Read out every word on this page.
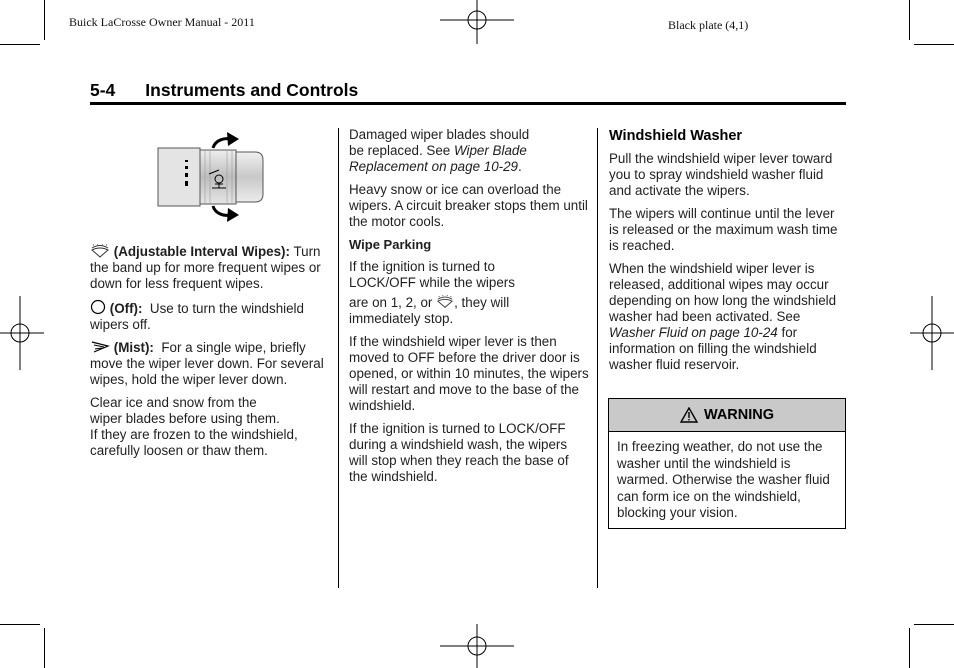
Buick LaCrosse Owner Manual - 2011	Black plate (4,1)
5-4 Instruments and Controls

(Adjustable Interval Wipes): Turn the band up for more frequent wipes or down for less frequent wipes.

(Off): Use to turn the windshield wipers off.

(Mist): For a single wipe, briefly move the wiper lever down. For several wipes, hold the wiper lever down.

Clear ice and snow from the
wiper blades before using them.
If they are frozen to the windshield,
carefully loosen or thaw them.

Damaged wiper blades should
be replaced. See Wiper Blade Replacement on page 10-29.

Heavy snow or ice can overload the wipers. A circuit breaker stops them until the motor cools.

Wipe Parking

If the ignition is turned to
LOCK/OFF while the wipers
are on 1, 2, or , they will
immediately stop.

If the windshield wiper lever is then moved to OFF before the driver door is opened, or within 10 minutes, the wipers will restart and move to the base of the windshield.

If the ignition is turned to LOCK/OFF during a windshield wash, the wipers will stop when they reach the base of the windshield.

Windshield Washer

Pull the windshield wiper lever toward you to spray windshield washer fluid and activate the wipers.

The wipers will continue until the lever is released or the maximum wash time is reached.

When the windshield wiper lever is released, additional wipes may occur depending on how long the windshield washer had been activated. See Washer Fluid on page 10-24 for information on filling the windshield washer fluid reservoir.

WARNING
In freezing weather, do not use the washer until the windshield is warmed. Otherwise the washer fluid can form ice on the windshield, blocking your vision.
